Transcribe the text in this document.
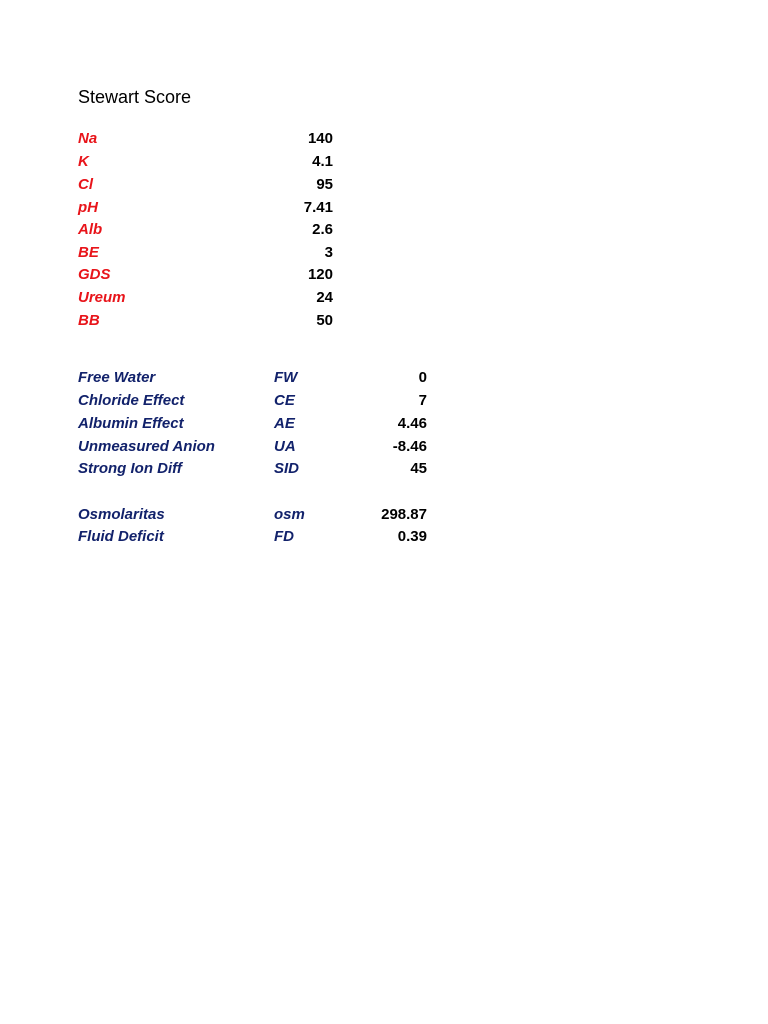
Stewart Score
Na	140
K	4.1
Cl	95
pH	7.41
Alb	2.6
BE	3
GDS	120
Ureum	24
BB	50
Free Water	FW	0
Chloride Effect	CE	7
Albumin Effect	AE	4.46
Unmeasured Anion	UA	-8.46
Strong Ion Diff	SID	45
Osmolaritas	osm	298.87
Fluid Deficit	FD	0.39
